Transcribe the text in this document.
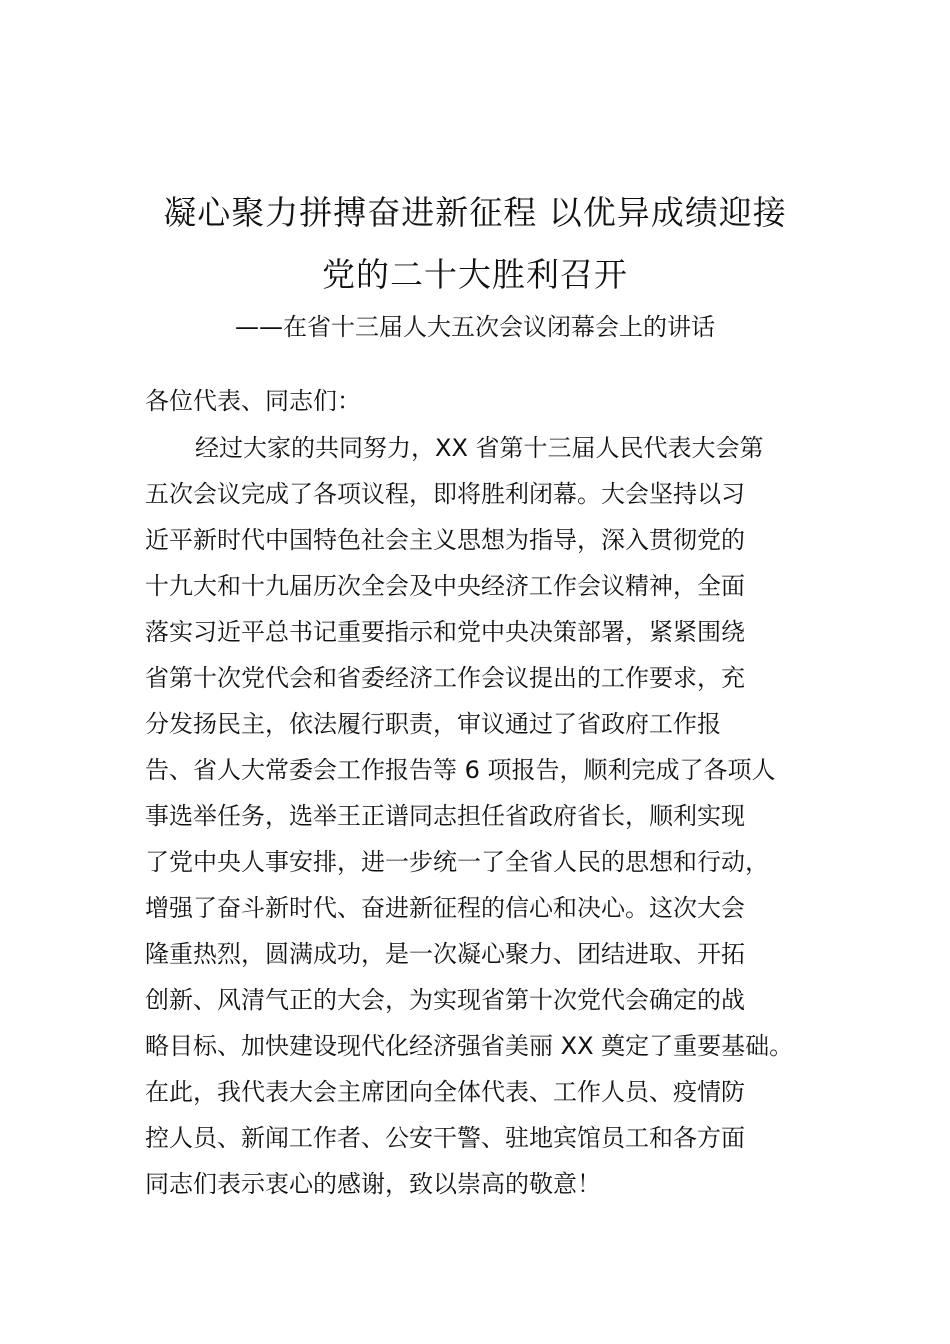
凝心聚力拼搏奋进新征程 以优异成绩迎接
党的二十大胜利召开
——在省十三届人大五次会议闭幕会上的讲话
各位代表、同志们：
经过大家的共同努力，XX 省第十三届人民代表大会第
五次会议完成了各项议程，即将胜利闭幕。大会坚持以习
近平新时代中国特色社会主义思想为指导，深入贯彻党的
十九大和十九届历次全会及中央经济工作会议精神，全面
落实习近平总书记重要指示和党中央决策部署，紧紧围绕
省第十次党代会和省委经济工作会议提出的工作要求，充
分发扬民主，依法履行职责，审议通过了省政府工作报
告、省人大常委会工作报告等 6 项报告，顺利完成了各项人
事选举任务，选举王正谱同志担任省政府省长，顺利实现
了党中央人事安排，进一步统一了全省人民的思想和行动，
增强了奋斗新时代、奋进新征程的信心和决心。这次大会
隆重热烈，圆满成功，是一次凝心聚力、团结进取、开拓
创新、风清气正的大会，为实现省第十次党代会确定的战
略目标、加快建设现代化经济强省美丽 XX 奠定了重要基础。
在此，我代表大会主席团向全体代表、工作人员、疫情防
控人员、新闻工作者、公安干警、驻地宾馆员工和各方面
同志们表示衷心的感谢，致以崇高的敬意！
